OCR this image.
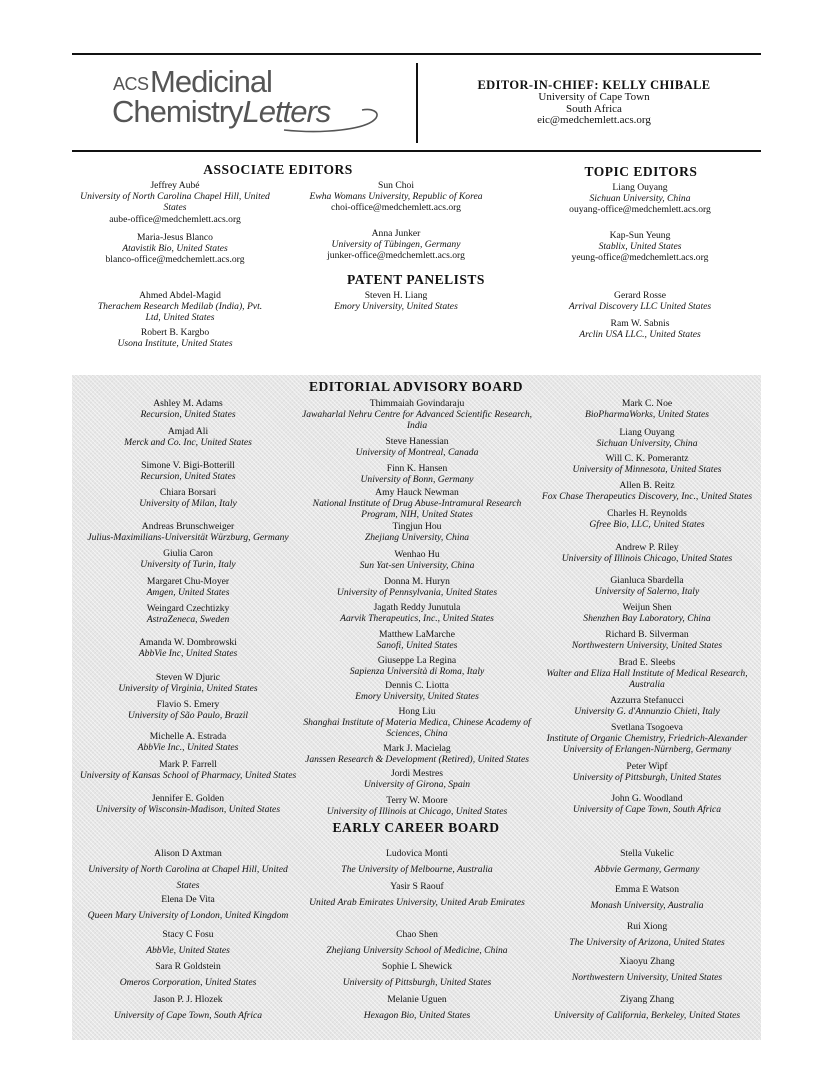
ACS Medicinal
ChemistryLetters
EDITOR-IN-CHIEF: KELLY CHIBALE
University of Cape Town
South Africa
eic@medchemlett.acs.org
ASSOCIATE EDITORS	TOPIC EDITORS
PATENT PANELISTS
Jeffrey Aubé
University of North Carolina Chapel Hill, United States
aube-office@medchemlett.acs.org
Maria-Jesus Blanco
Atavistik Bio, United States
blanco-office@medchemlett.acs.org
Ahmed Abdel-Magid
Therachem Research Medilab (India), Pvt. Ltd, United States
Robert B. Kargbo
Usona Institute, United States
Sun Choi
Ewha Womans University, Republic of Korea
choi-office@medchemlett.acs.org
Anna Junker
University of Tübingen, Germany
junker-office@medchemlett.acs.org
Steven H. Liang
Emory University, United States
Liang Ouyang
Sichuan University, China
ouyang-office@medchemlett.acs.org
Kap-Sun Yeung
Stablix, United States
yeung-office@medchemlett.acs.org
Gerard Rosse
Arrival Discovery LLC United States
Ram W. Sabnis
Arclin USA LLC., United States
EDITORIAL ADVISORY BOARD
EARLY CAREER BOARD
Ashley M. Adams
Recursion, United States
Amjad Ali
Merck and Co. Inc, United States
Simone V. Bigi-Botterill
Recursion, United States
Chiara Borsari
University of Milan, Italy
Andreas Brunschweiger
Julius-Maximilians-Universität Würzburg, Germany
Giulia Caron
University of Turin, Italy
Margaret Chu-Moyer
Amgen, United States
Weingard Czechtizky
AstraZeneca, Sweden
Amanda W. Dombrowski
AbbVie Inc, United States
Steven W Djuric
University of Virginia, United States
Flavio S. Emery
University of São Paulo, Brazil
Michelle A. Estrada
AbbVie Inc., United States
Mark P. Farrell
University of Kansas School of Pharmacy, United States
Jennifer E. Golden
University of Wisconsin-Madison, United States
Thimmaiah Govindaraju
Jawaharlal Nehru Centre for Advanced Scientific Research, India
Steve Hanessian
University of Montreal, Canada
Finn K. Hansen
University of Bonn, Germany
Amy Hauck Newman
National Institute of Drug Abuse-Intramural Research Program, NIH, United States
Tingjun Hou
Zhejiang University, China
Wenhao Hu
Sun Yat-sen University, China
Donna M. Huryn
University of Pennsylvania, United States
Jagath Reddy Junutula
Aarvik Therapeutics, Inc., United States
Matthew LaMarche
Sanofi, United States
Giuseppe La Regina
Sapienza Università di Roma, Italy
Dennis C. Liotta
Emory University, United States
Hong Liu
Shanghai Institute of Materia Medica, Chinese Academy of Sciences, China
Mark J. Macielag
Janssen Research & Development (Retired), United States
Jordi Mestres
University of Girona, Spain
Terry W. Moore
University of Illinois at Chicago, United States
Mark C. Noe
BioPharmaWorks, United States
Liang Ouyang
Sichuan University, China
Will C. K. Pomerantz
University of Minnesota, United States
Allen B. Reitz
Fox Chase Therapeutics Discovery, Inc., United States
Charles H. Reynolds
Gfree Bio, LLC, United States
Andrew P. Riley
University of Illinois Chicago, United States
Gianluca Sbardella
University of Salerno, Italy
Weijun Shen
Shenzhen Bay Laboratory, China
Richard B. Silverman
Northwestern University, United States
Brad E. Sleebs
Walter and Eliza Hall Institute of Medical Research, Australia
Azzurra Stefanucci
University G. d'Annunzio Chieti, Italy
Svetlana Tsogoeva
Institute of Organic Chemistry, Friedrich-Alexander University of Erlangen-Nürnberg, Germany
Peter Wipf
University of Pittsburgh, United States
John G. Woodland
University of Cape Town, South Africa
Alison D Axtman
University of North Carolina at Chapel Hill, United States
Elena De Vita
Queen Mary University of London, United Kingdom
Stacy C Fosu
AbbVie, United States
Sara R Goldstein
Omeros Corporation, United States
Jason P. J. Hlozek
University of Cape Town, South Africa
Ludovica Monti
The University of Melbourne, Australia
Yasir S Raouf
United Arab Emirates University, United Arab Emirates
Chao Shen
Zhejiang University School of Medicine, China
Sophie L Shewick
University of Pittsburgh, United States
Melanie Uguen
Hexagon Bio, United States
Stella Vukelic
Abbvie Germany, Germany
Emma E Watson
Monash University, Australia
Rui Xiong
The University of Arizona, United States
Xiaoyu Zhang
Northwestern University, United States
Ziyang Zhang
University of California, Berkeley, United States
